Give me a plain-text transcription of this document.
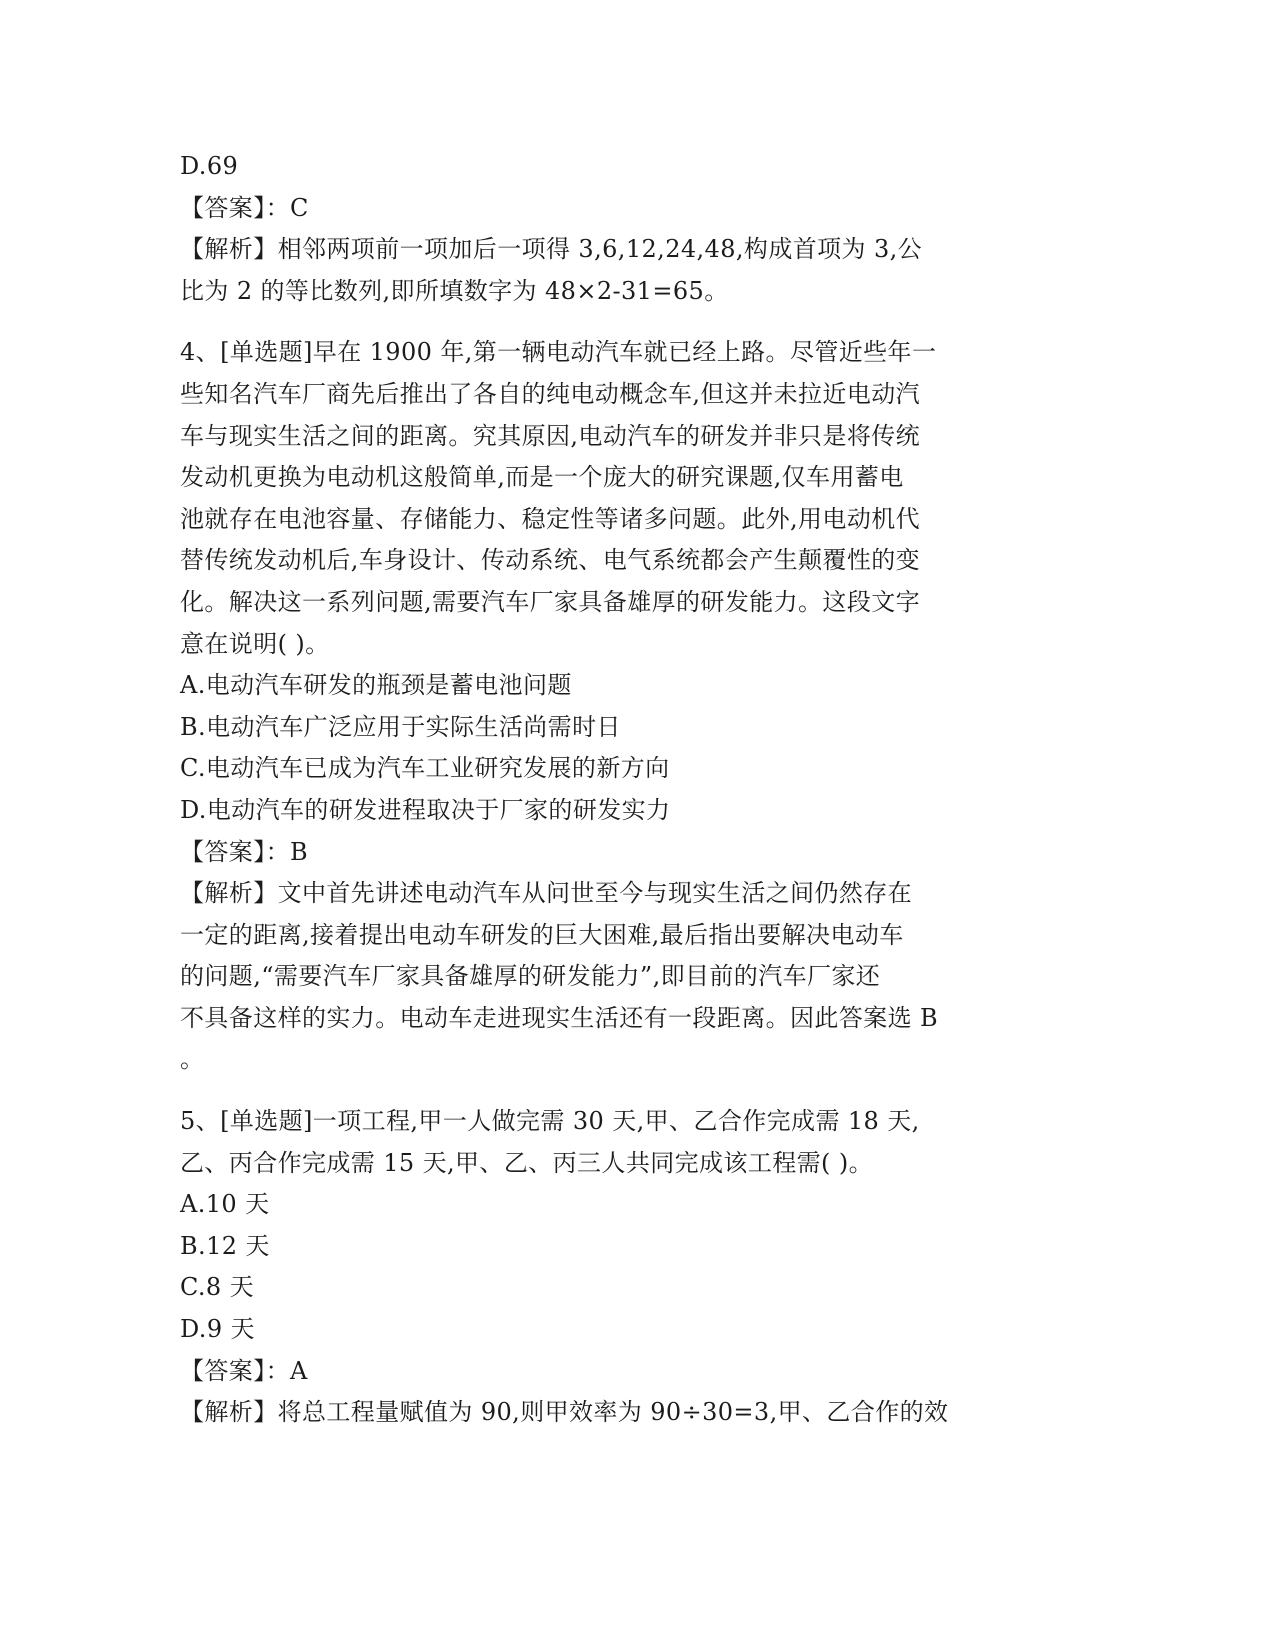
D.69
【答案】：C
【解析】相邻两项前一项加后一项得 3,6,12,24,48,构成首项为 3,公
比为 2 的等比数列,即所填数字为 48×2-31=65。
4、[单选题]早在 1900 年,第一辆电动汽车就已经上路。尽管近些年一
些知名汽车厂商先后推出了各自的纯电动概念车,但这并未拉近电动汽
车与现实生活之间的距离。究其原因,电动汽车的研发并非只是将传统
发动机更换为电动机这般简单,而是一个庞大的研究课题,仅车用蓄电
池就存在电池容量、存储能力、稳定性等诸多问题。此外,用电动机代
替传统发动机后,车身设计、传动系统、电气系统都会产生颠覆性的变
化。解决这一系列问题,需要汽车厂家具备雄厚的研发能力。这段文字
意在说明( )。
A.电动汽车研发的瓶颈是蓄电池问题
B.电动汽车广泛应用于实际生活尚需时日
C.电动汽车已成为汽车工业研究发展的新方向
D.电动汽车的研发进程取决于厂家的研发实力
【答案】：B
【解析】文中首先讲述电动汽车从问世至今与现实生活之间仍然存在
一定的距离,接着提出电动车研发的巨大困难,最后指出要解决电动车
的问题,“需要汽车厂家具备雄厚的研发能力”,即目前的汽车厂家还
不具备这样的实力。电动车走进现实生活还有一段距离。因此答案选 B
。
5、[单选题]一项工程,甲一人做完需 30 天,甲、乙合作完成需 18 天,
乙、丙合作完成需 15 天,甲、乙、丙三人共同完成该工程需( )。
A.10 天
B.12 天
C.8 天
D.9 天
【答案】：A
【解析】将总工程量赋值为 90,则甲效率为 90÷30=3,甲、乙合作的效
